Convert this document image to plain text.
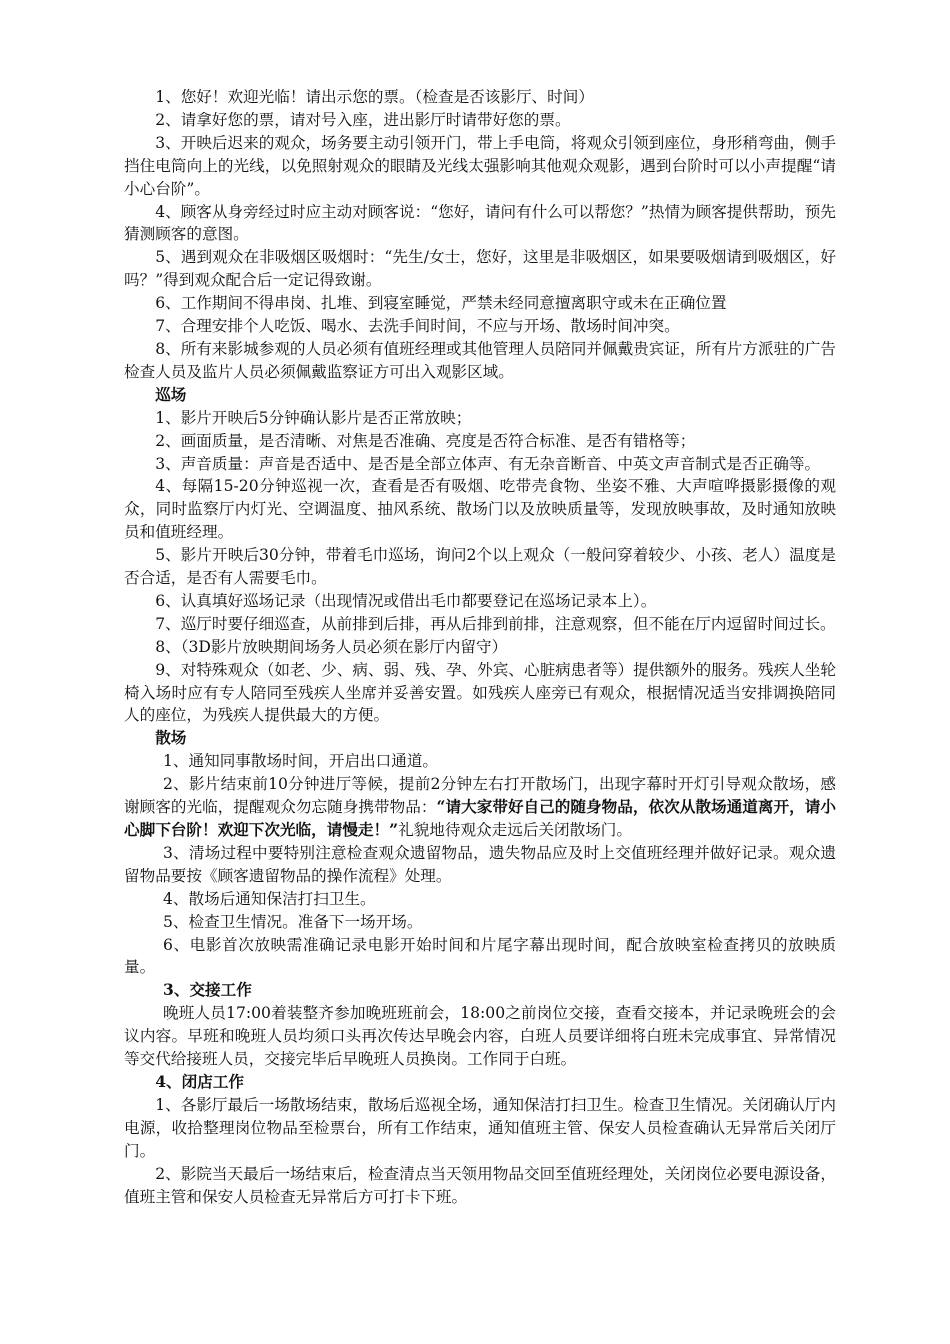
1、您好！欢迎光临！请出示您的票。（检查是否该影厅、时间）

2、请拿好您的票，请对号入座，进出影厅时请带好您的票。

3、开映后迟来的观众，场务要主动引领开门，带上手电筒，将观众引领到座位，身形稍弯曲，侧手挡住电筒向上的光线，以免照射观众的眼睛及光线太强影响其他观众观影，遇到台阶时可以小声提醒“请小心台阶”。

4、顾客从身旁经过时应主动对顾客说：“您好，请问有什么可以帮您？”热情为顾客提供帮助，预先猜测顾客的意图。

5、遇到观众在非吸烟区吸烟时：“先生/女士，您好，这里是非吸烟区，如果要吸烟请到吸烟区，好吗？”得到观众配合后一定记得致谢。

6、工作期间不得串岗、扎堆、到寝室睡觉，严禁未经同意擅离职守或未在正确位置

7、合理安排个人吃饭、喝水、去洗手间时间，不应与开场、散场时间冲突。

8、所有来影城参观的人员必须有值班经理或其他管理人员陪同并佩戴贵宾证，所有片方派驻的广告检查人员及监片人员必须佩戴监察证方可出入观影区域。

巡场

1、影片开映后5分钟确认影片是否正常放映；

2、画面质量，是否清晰、对焦是否准确、亮度是否符合标准、是否有错格等；

3、声音质量：声音是否适中、是否是全部立体声、有无杂音断音、中英文声音制式是否正确等。

4、每隔15-20分钟巡视一次，查看是否有吸烟、吃带壳食物、坐姿不雅、大声喧哗摄影摄像的观众，同时监察厅内灯光、空调温度、抽风系统、散场门以及放映质量等，发现放映事故，及时通知放映员和值班经理。

5、影片开映后30分钟，带着毛巾巡场，询问2个以上观众（一般问穿着较少、小孩、老人）温度是否合适，是否有人需要毛巾。

6、认真填好巡场记录（出现情况或借出毛巾都要登记在巡场记录本上）。

7、巡厅时要仔细巡查，从前排到后排，再从后排到前排，注意观察，但不能在厅内逗留时间过长。

8、（3D影片放映期间场务人员必须在影厅内留守）

9、对特殊观众（如老、少、病、弱、残、孕、外宾、心脏病患者等）提供额外的服务。残疾人坐轮椅入场时应有专人陪同至残疾人坐席并妥善安置。如残疾人座旁已有观众，根据情况适当安排调换陪同人的座位，为残疾人提供最大的方便。

散场

1、通知同事散场时间，开启出口通道。

2、影片结束前10分钟进厅等候，提前2分钟左右打开散场门，出现字幕时开灯引导观众散场，感谢顾客的光临，提醒观众勿忘随身携带物品：“请大家带好自己的随身物品，依次从散场通道离开，请小心脚下台阶！欢迎下次光临，请慢走！”礼貌地待观众走远后关闭散场门。

3、清场过程中要特别注意检查观众遗留物品，遗失物品应及时上交值班经理并做好记录。观众遗留物品要按《顾客遗留物品的操作流程》处理。

4、散场后通知保洁打扫卫生。

5、检查卫生情况。准备下一场开场。

6、电影首次放映需准确记录电影开始时间和片尾字幕出现时间，配合放映室检查拷贝的放映质量。

3、交接工作

晚班人员17:00着装整齐参加晚班班前会，18:00之前岗位交接，查看交接本，并记录晚班会的会议内容。早班和晚班人员均须口头再次传达早晚会内容，白班人员要详细将白班未完成事宜、异常情况等交代给接班人员，交接完毕后早晚班人员换岗。工作同于白班。

4、闭店工作

1、各影厅最后一场散场结束，散场后巡视全场，通知保洁打扫卫生。检查卫生情况。关闭确认厅内电源，收拾整理岗位物品至检票台，所有工作结束，通知值班主管、保安人员检查确认无异常后关闭厅门。

2、影院当天最后一场结束后，检查清点当天领用物品交回至值班经理处，关闭岗位必要电源设备，值班主管和保安人员检查无异常后方可打卡下班。
